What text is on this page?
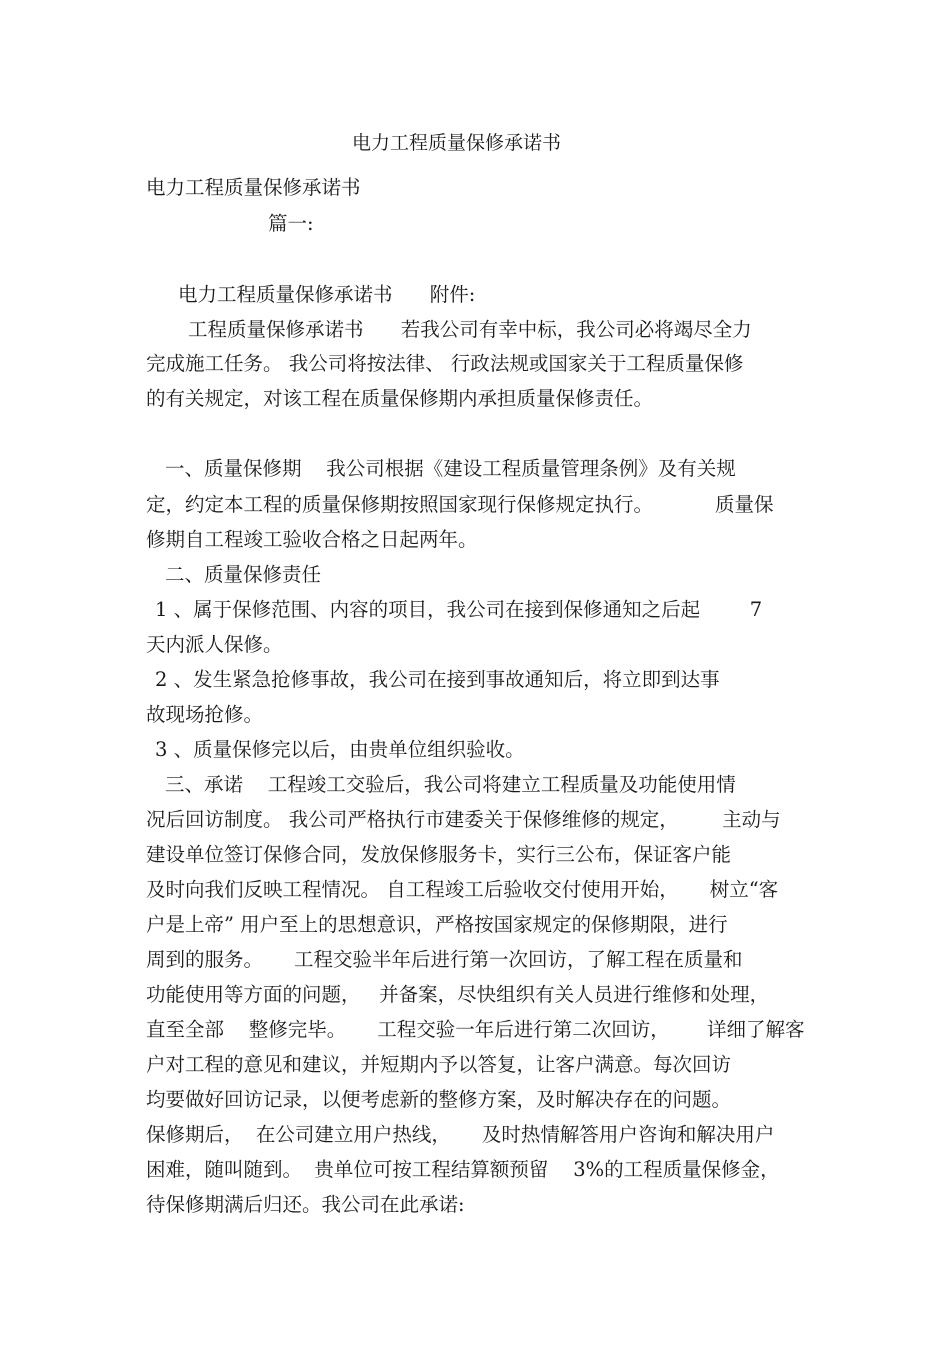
电力工程质量保修承诺书
电力工程质量保修承诺书
篇一:
电力工程质量保修承诺书      附件:
工程质量保修承诺书      若我公司有幸中标，我公司必将竭尽全力
完成施工任务。 我公司将按法律、 行政法规或国家关于工程质量保修
的有关规定，对该工程在质量保修期内承担质量保修责任。
一、质量保修期    我公司根据《建设工程质量管理条例》及有关规
定，约定本工程的质量保修期按照国家现行保修规定执行。          质量保
修期自工程竣工验收合格之日起两年。
二、质量保修责任
1 、属于保修范围、内容的项目，我公司在接到保修通知之后起        7
天内派人保修。
2 、发生紧急抢修事故，我公司在接到事故通知后，将立即到达事
故现场抢修。
3 、质量保修完以后，由贵单位组织验收。
三、承诺    工程竣工交验后，我公司将建立工程质量及功能使用情
况后回访制度。 我公司严格执行市建委关于保修维修的规定，       主动与
建设单位签订保修合同，发放保修服务卡，实行三公布，保证客户能
及时向我们反映工程情况。 自工程竣工后验收交付使用开始，     树立“客
户是上帝” 用户至上的思想意识，严格按国家规定的保修期限，进行
周到的服务。     工程交验半年后进行第一次回访，了解工程在质量和
功能使用等方面的问题，   并备案，尽快组织有关人员进行维修和处理，
直至全部    整修完毕。     工程交验一年后进行第二次回访，      详细了解客
户对工程的意见和建议，并短期内予以答复，让客户满意。每次回访
均要做好回访记录，以便考虑新的整修方案，及时解决存在的问题。
保修期后，  在公司建立用户热线，     及时热情解答用户咨询和解决用户
困难，随叫随到。  贵单位可按工程结算额预留    3%的工程质量保修金，
待保修期满后归还。我公司在此承诺:
